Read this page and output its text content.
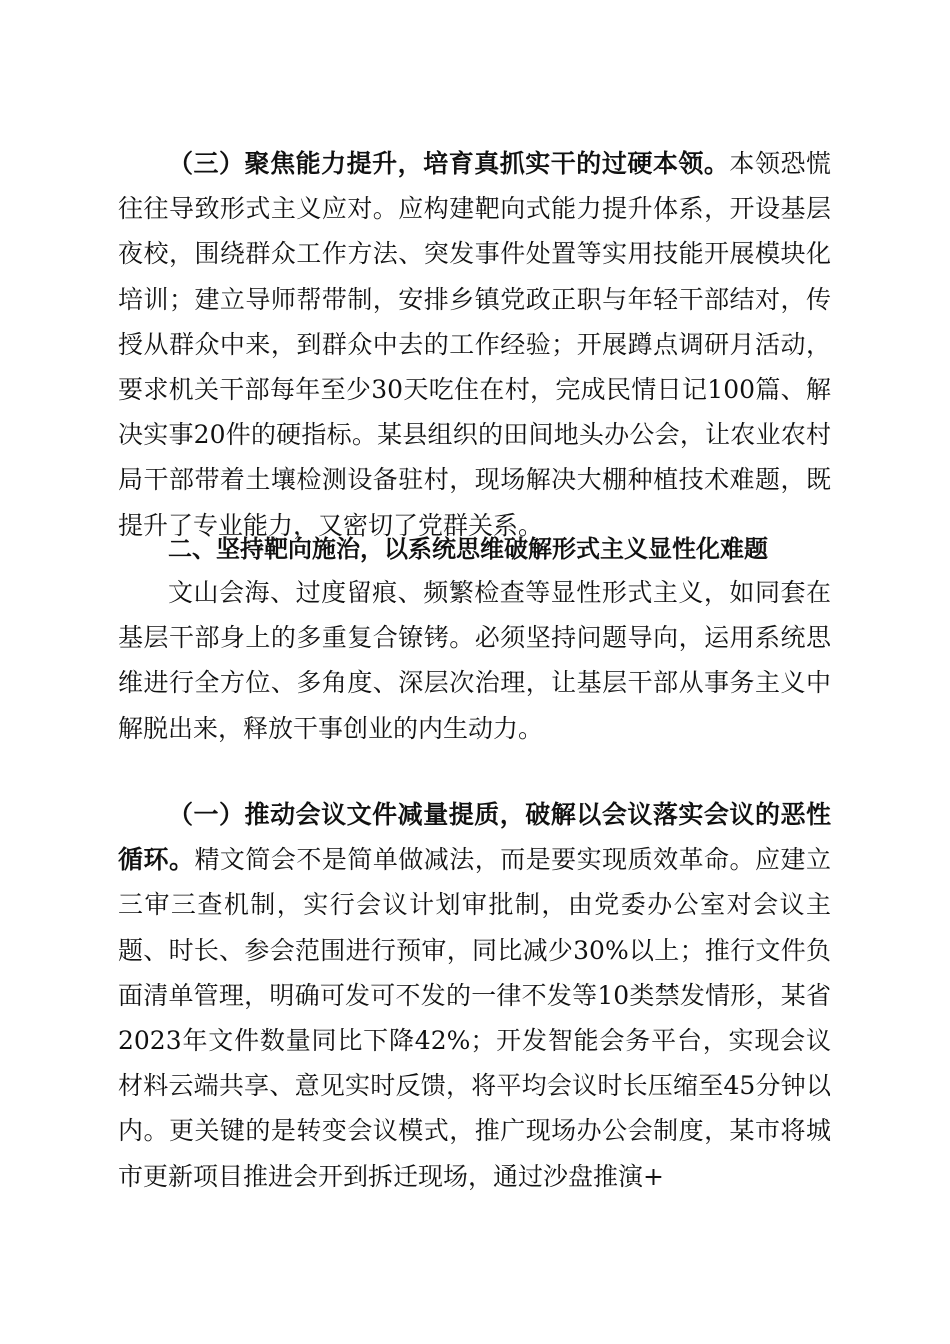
（三）聚焦能力提升，培育真抓实干的过硬本领。本领恐慌往往导致形式主义应对。应构建靶向式能力提升体系，开设基层夜校，围绕群众工作方法、突发事件处置等实用技能开展模块化培训；建立导师帮带制，安排乡镇党政正职与年轻干部结对，传授从群众中来，到群众中去的工作经验；开展蹲点调研月活动，要求机关干部每年至少30天吃住在村，完成民情日记100篇、解决实事20件的硬指标。某县组织的田间地头办公会，让农业农村局干部带着土壤检测设备驻村，现场解决大棚种植技术难题，既提升了专业能力，又密切了党群关系。

二、坚持靶向施治，以系统思维破解形式主义显性化难题

文山会海、过度留痕、频繁检查等显性形式主义，如同套在基层干部身上的多重复合镣铐。必须坚持问题导向，运用系统思维进行全方位、多角度、深层次治理，让基层干部从事务主义中解脱出来，释放干事创业的内生动力。

（一）推动会议文件减量提质，破解以会议落实会议的恶性循环。精文简会不是简单做减法，而是要实现质效革命。应建立三审三查机制，实行会议计划审批制，由党委办公室对会议主题、时长、参会范围进行预审，同比减少30%以上；推行文件负面清单管理，明确可发可不发的一律不发等10类禁发情形，某省2023年文件数量同比下降42%；开发智能会务平台，实现会议材料云端共享、意见实时反馈，将平均会议时长压缩至45分钟以内。更关键的是转变会议模式，推广现场办公会制度，某市将城市更新项目推进会开到拆迁现场，通过沙盘推演+
